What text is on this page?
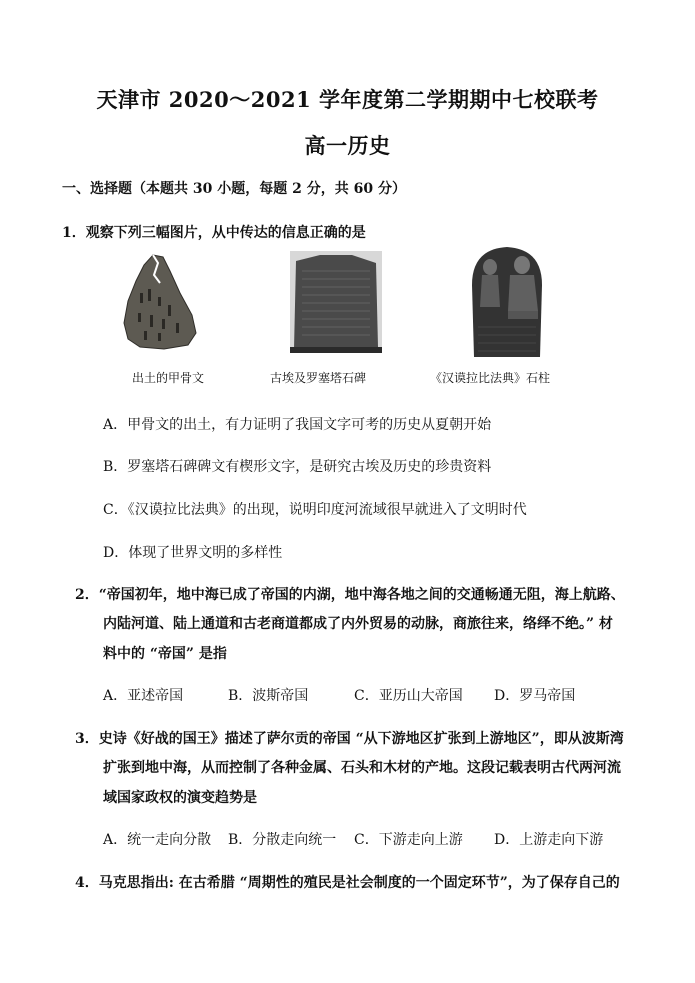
天津市 2020～2021 学年度第二学期期中七校联考
高一历史
一、选择题（本题共 30 小题，每题 2 分，共 60 分）
1．观察下列三幅图片，从中传达的信息正确的是
出土的甲骨文	古埃及罗塞塔石碑	《汉谟拉比法典》石柱
A．甲骨文的出土，有力证明了我国文字可考的历史从夏朝开始
B．罗塞塔石碑碑文有楔形文字，是研究古埃及历史的珍贵资料
C．《汉谟拉比法典》的出现，说明印度河流域很早就进入了文明时代
D．体现了世界文明的多样性
2．“帝国初年，地中海已成了帝国的内湖，地中海各地之间的交通畅通无阻，海上航路、
内陆河道、陆上通道和古老商道都成了内外贸易的动脉，商旅往来，络绎不绝。” 材
料中的 “帝国” 是指
A．亚述帝国	B．波斯帝国	C．亚历山大帝国 D．罗马帝国
3．史诗《好战的国王》描述了萨尔贡的帝国 “从下游地区扩张到上游地区”，即从波斯湾
扩张到地中海，从而控制了各种金属、石头和木材的产地。这段记载表明古代两河流
域国家政权的演变趋势是
A．统一走向分散 B．分散走向统一 C．下游走向上游 D．上游走向下游
4．马克思指出: 在古希腊 “周期性的殖民是社会制度的一个固定环节”，为了保存自己的
